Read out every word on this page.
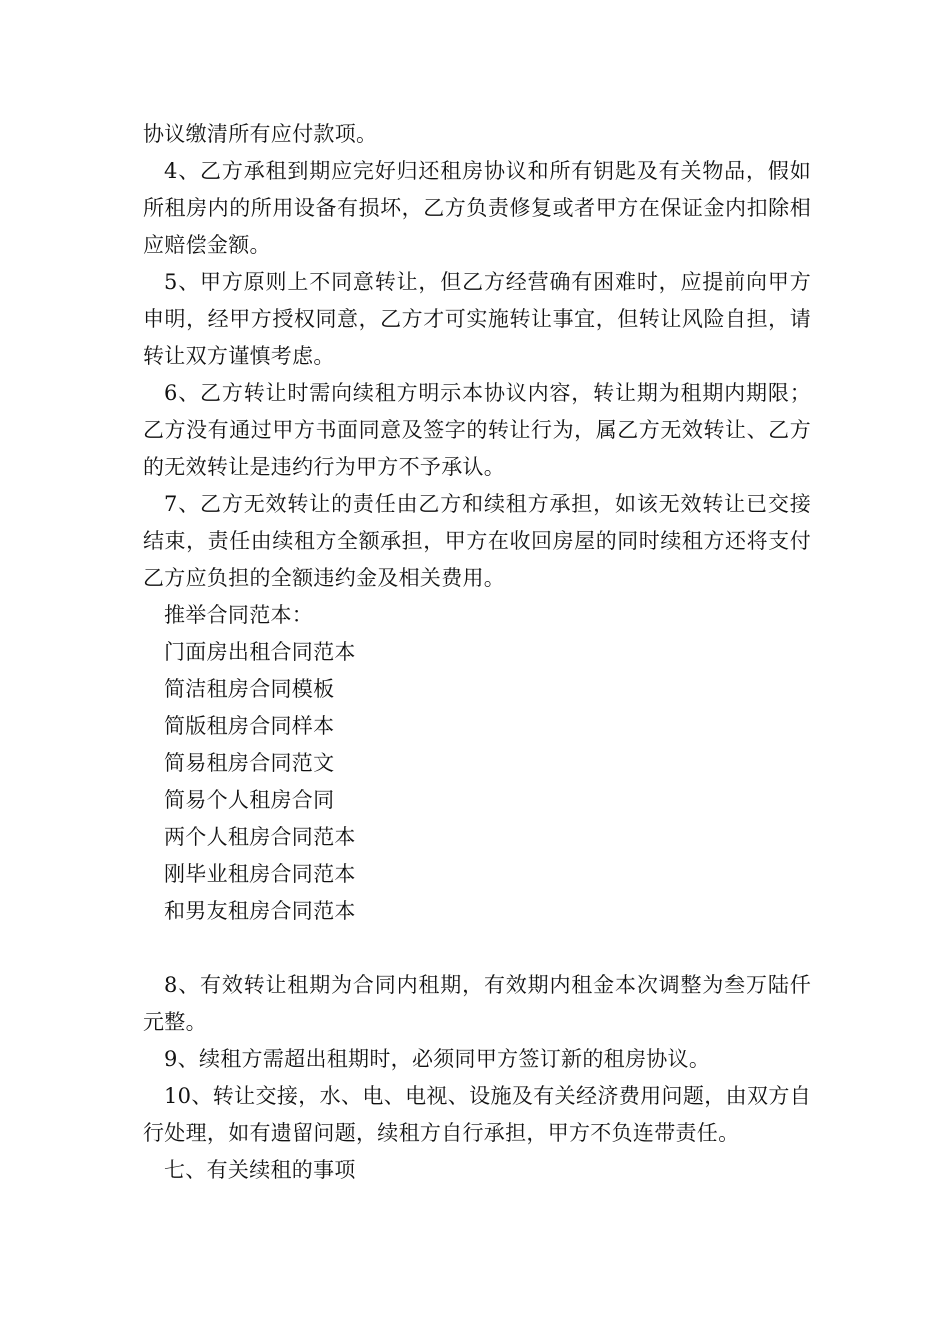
协议缴清所有应付款项。

4、乙方承租到期应完好归还租房协议和所有钥匙及有关物品，假如所租房内的所用设备有损坏，乙方负责修复或者甲方在保证金内扣除相应赔偿金额。

5、甲方原则上不同意转让，但乙方经营确有困难时，应提前向甲方申明，经甲方授权同意，乙方才可实施转让事宜，但转让风险自担，请转让双方谨慎考虑。

6、乙方转让时需向续租方明示本协议内容，转让期为租期内期限；乙方没有通过甲方书面同意及签字的转让行为，属乙方无效转让、乙方的无效转让是违约行为甲方不予承认。

7、乙方无效转让的责任由乙方和续租方承担，如该无效转让已交接结束，责任由续租方全额承担，甲方在收回房屋的同时续租方还将支付乙方应负担的全额违约金及相关费用。

推举合同范本：

门面房出租合同范本

简洁租房合同模板

简版租房合同样本

简易租房合同范文

简易个人租房合同

两个人租房合同范本

刚毕业租房合同范本

和男友租房合同范本

8、有效转让租期为合同内租期，有效期内租金本次调整为叁万陆仟元整。

9、续租方需超出租期时，必须同甲方签订新的租房协议。

10、转让交接，水、电、电视、设施及有关经济费用问题，由双方自行处理，如有遗留问题，续租方自行承担，甲方不负连带责任。

七、有关续租的事项
